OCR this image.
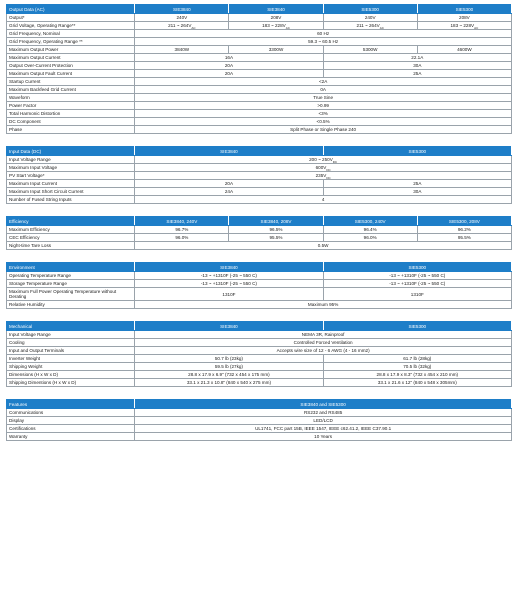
Output Data (AC)	SIE3840	SIE3840	SIE5300	SIE5300
Output*	240V	208V	240V	208V
Grid Voltage, Operating Range**	211 ~ $264V_{AC}$	183 ~ $228V_{AC}$	211 ~ $264V_{AC}$	183 ~ $228V_{AC}$
Grid Frequency, Nominal	60 Hz			
Grid Frequency, Operating Range **	59.3 ~ 60.5 Hz			
Maximum Output Power	3840W	3300W	5300W	4600W
Maximum Output Current	16A		22.1A	
Output Over-Current Protection	20A		30A	
Maximum Output Fault Current	20A		25A	
Startup Current	<2A			
Maximum Backfeed Grid Current	0A			
Waveform	True Sine			
Power Factor	>0.99			
Total Harmonic Distortion	<3%			
DC Component	<0.5%			
Phase	Split Phase or Single Phase 240			
Input Data (DC)	SIE3840	SIE5300
Input Voltage Range	200 ~ $250V_{DC}$
Maximum Input Voltage	$600V_{DC}$
PV Start Voltage*	$235V_{DC}$
Maximum Input Current	20A	25A
Maximum Input Short Circuit Current	24A	30A
Number of Fused String Inputs	4	
Efficiency	SIE3840, 240V	SIE3840, 208V	SIE5300, 240V	SIE5300, 208V
Maximum Efficiency	96.7%	96.5%	96.4%	96.2%
CEC Efficiency	96.0%	95.5%	96.0%	95.5%
Night-time Tare Loss	0.5W			
Environment	SIE3840	SIE5300
Operating Temperature Range	-13 ~ +1310F (-25 ~ 550 C)	-13 ~ +1310F (-25 ~ 550 C)
Storage Temperature Range	-13 ~ +1310F (-25 ~ 550 C)	-13 ~ +1310F (-25 ~ 550 C)
Maximum Full Power Operating Temperature without Derating	1310F	1310F
Relative Humidity	Maximum 95%	
Mechanical	SIE3840	SIE5300
Input Voltage Range	NEMA 3R, Rainproof	
Cooling	Controlled Forced Ventilation	
Input and Output Terminals	Accepts wire size of 12 - 6 AWG (4 - 16 mm2)	
Inverter Weight	50.7 lb (23kg)	61.7 lb (28kg)
Shipping Weight	59.5 lb (27kg)	70.5 lb (32kg)
Dimensions (H x W x D)	28.8 x 17.9 x 6.9" (732 x 454 x 175 mm)	28.8 x 17.9 x 8.3" (732 x 454 x 210 mm)
Shipping Dimentions (H x W x D)	33.1 x 21.3 x 10.8" (840 x 540 x 275 mm)	33.1 x 21.6 x 12" (840 x 548 x 305mm)
Features	SIE3840 and SIE5300
Communications	RS232 and RS485
Display	LED/LCD
Certifications	UL1741, FCC part 15B, IEEE 1547, IEEE c62.41.2, IEEE C37.90.1
Warranty	10 Years
